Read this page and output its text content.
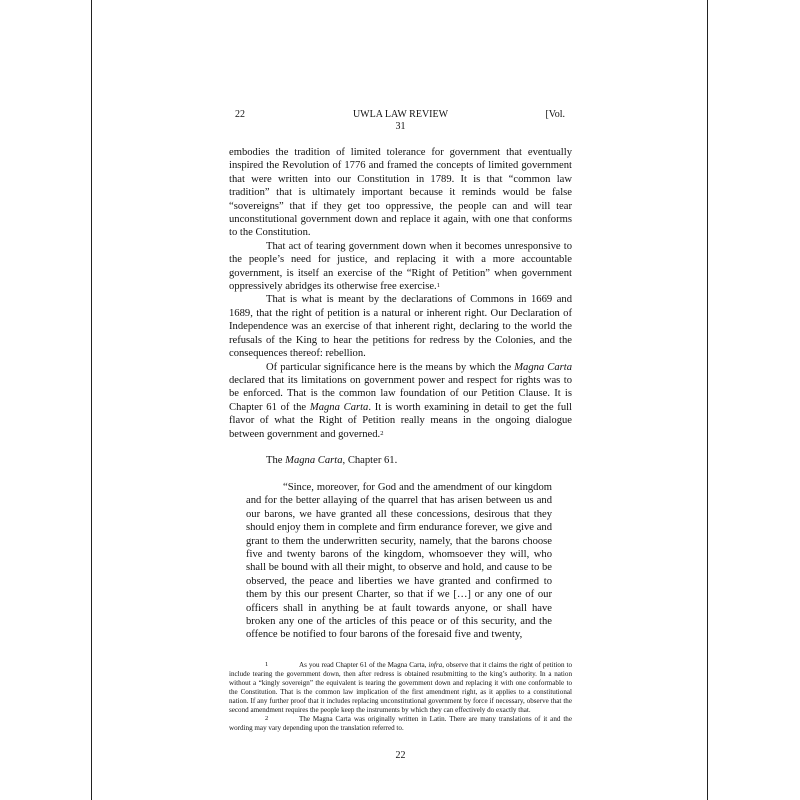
22	UWLA LAW REVIEW	[Vol.
31

embodies the tradition of limited tolerance for government that eventually inspired the Revolution of 1776 and framed the concepts of limited government that were written into our Constitution in 1789. It is that “common law tradition” that is ultimately important because it reminds would be false “sovereigns” that if they get too oppressive, the people can and will tear unconstitutional government down and replace it again, with one that conforms to the Constitution.

That act of tearing government down when it becomes unresponsive to the people’s need for justice, and replacing it with a more accountable government, is itself an exercise of the “Right of Petition” when government oppressively abridges its otherwise free exercise.$^1$

That is what is meant by the declarations of Commons in 1669 and 1689, that the right of petition is a natural or inherent right. Our Declaration of Independence was an exercise of that inherent right, declaring to the world the refusals of the King to hear the petitions for redress by the Colonies, and the consequences thereof: rebellion.

Of particular significance here is the means by which the Magna Carta declared that its limitations on government power and respect for rights was to be enforced. That is the common law foundation of our Petition Clause. It is Chapter 61 of the Magna Carta. It is worth examining in detail to get the full flavor of what the Right of Petition really means in the ongoing dialogue between government and governed.$^2$

The Magna Carta, Chapter 61.

“Since, moreover, for God and the amendment of our kingdom and for the better allaying of the quarrel that has arisen between us and our barons, we have granted all these concessions, desirous that they should enjoy them in complete and firm endurance forever, we give and grant to them the underwritten security, namely, that the barons choose five and twenty barons of the kingdom, whomsoever they will, who shall be bound with all their might, to observe and hold, and cause to be observed, the peace and liberties we have granted and confirmed to them by this our present Charter, so that if we […] or any one of our officers shall in anything be at fault towards anyone, or shall have broken any one of the articles of this peace or of this security, and the offence be notified to four barons of the foresaid five and twenty,

1	As you read Chapter 61 of the Magna Carta, infra, observe that it claims the right of petition to include tearing the government down, then after redress is obtained resubmitting to the king’s authority. In a nation without a “kingly sovereign” the equivalent is tearing the government down and replacing it with one conformable to the Constitution. That is the common law implication of the first amendment right, as it applies to a constitutional nation. If any further proof that it includes replacing unconstitutional government by force if necessary, observe that the second amendment requires the people keep the instruments by which they can effectively do exactly that.

2	The Magna Carta was originally written in Latin. There are many translations of it and the wording may vary depending upon the translation referred to.

22
